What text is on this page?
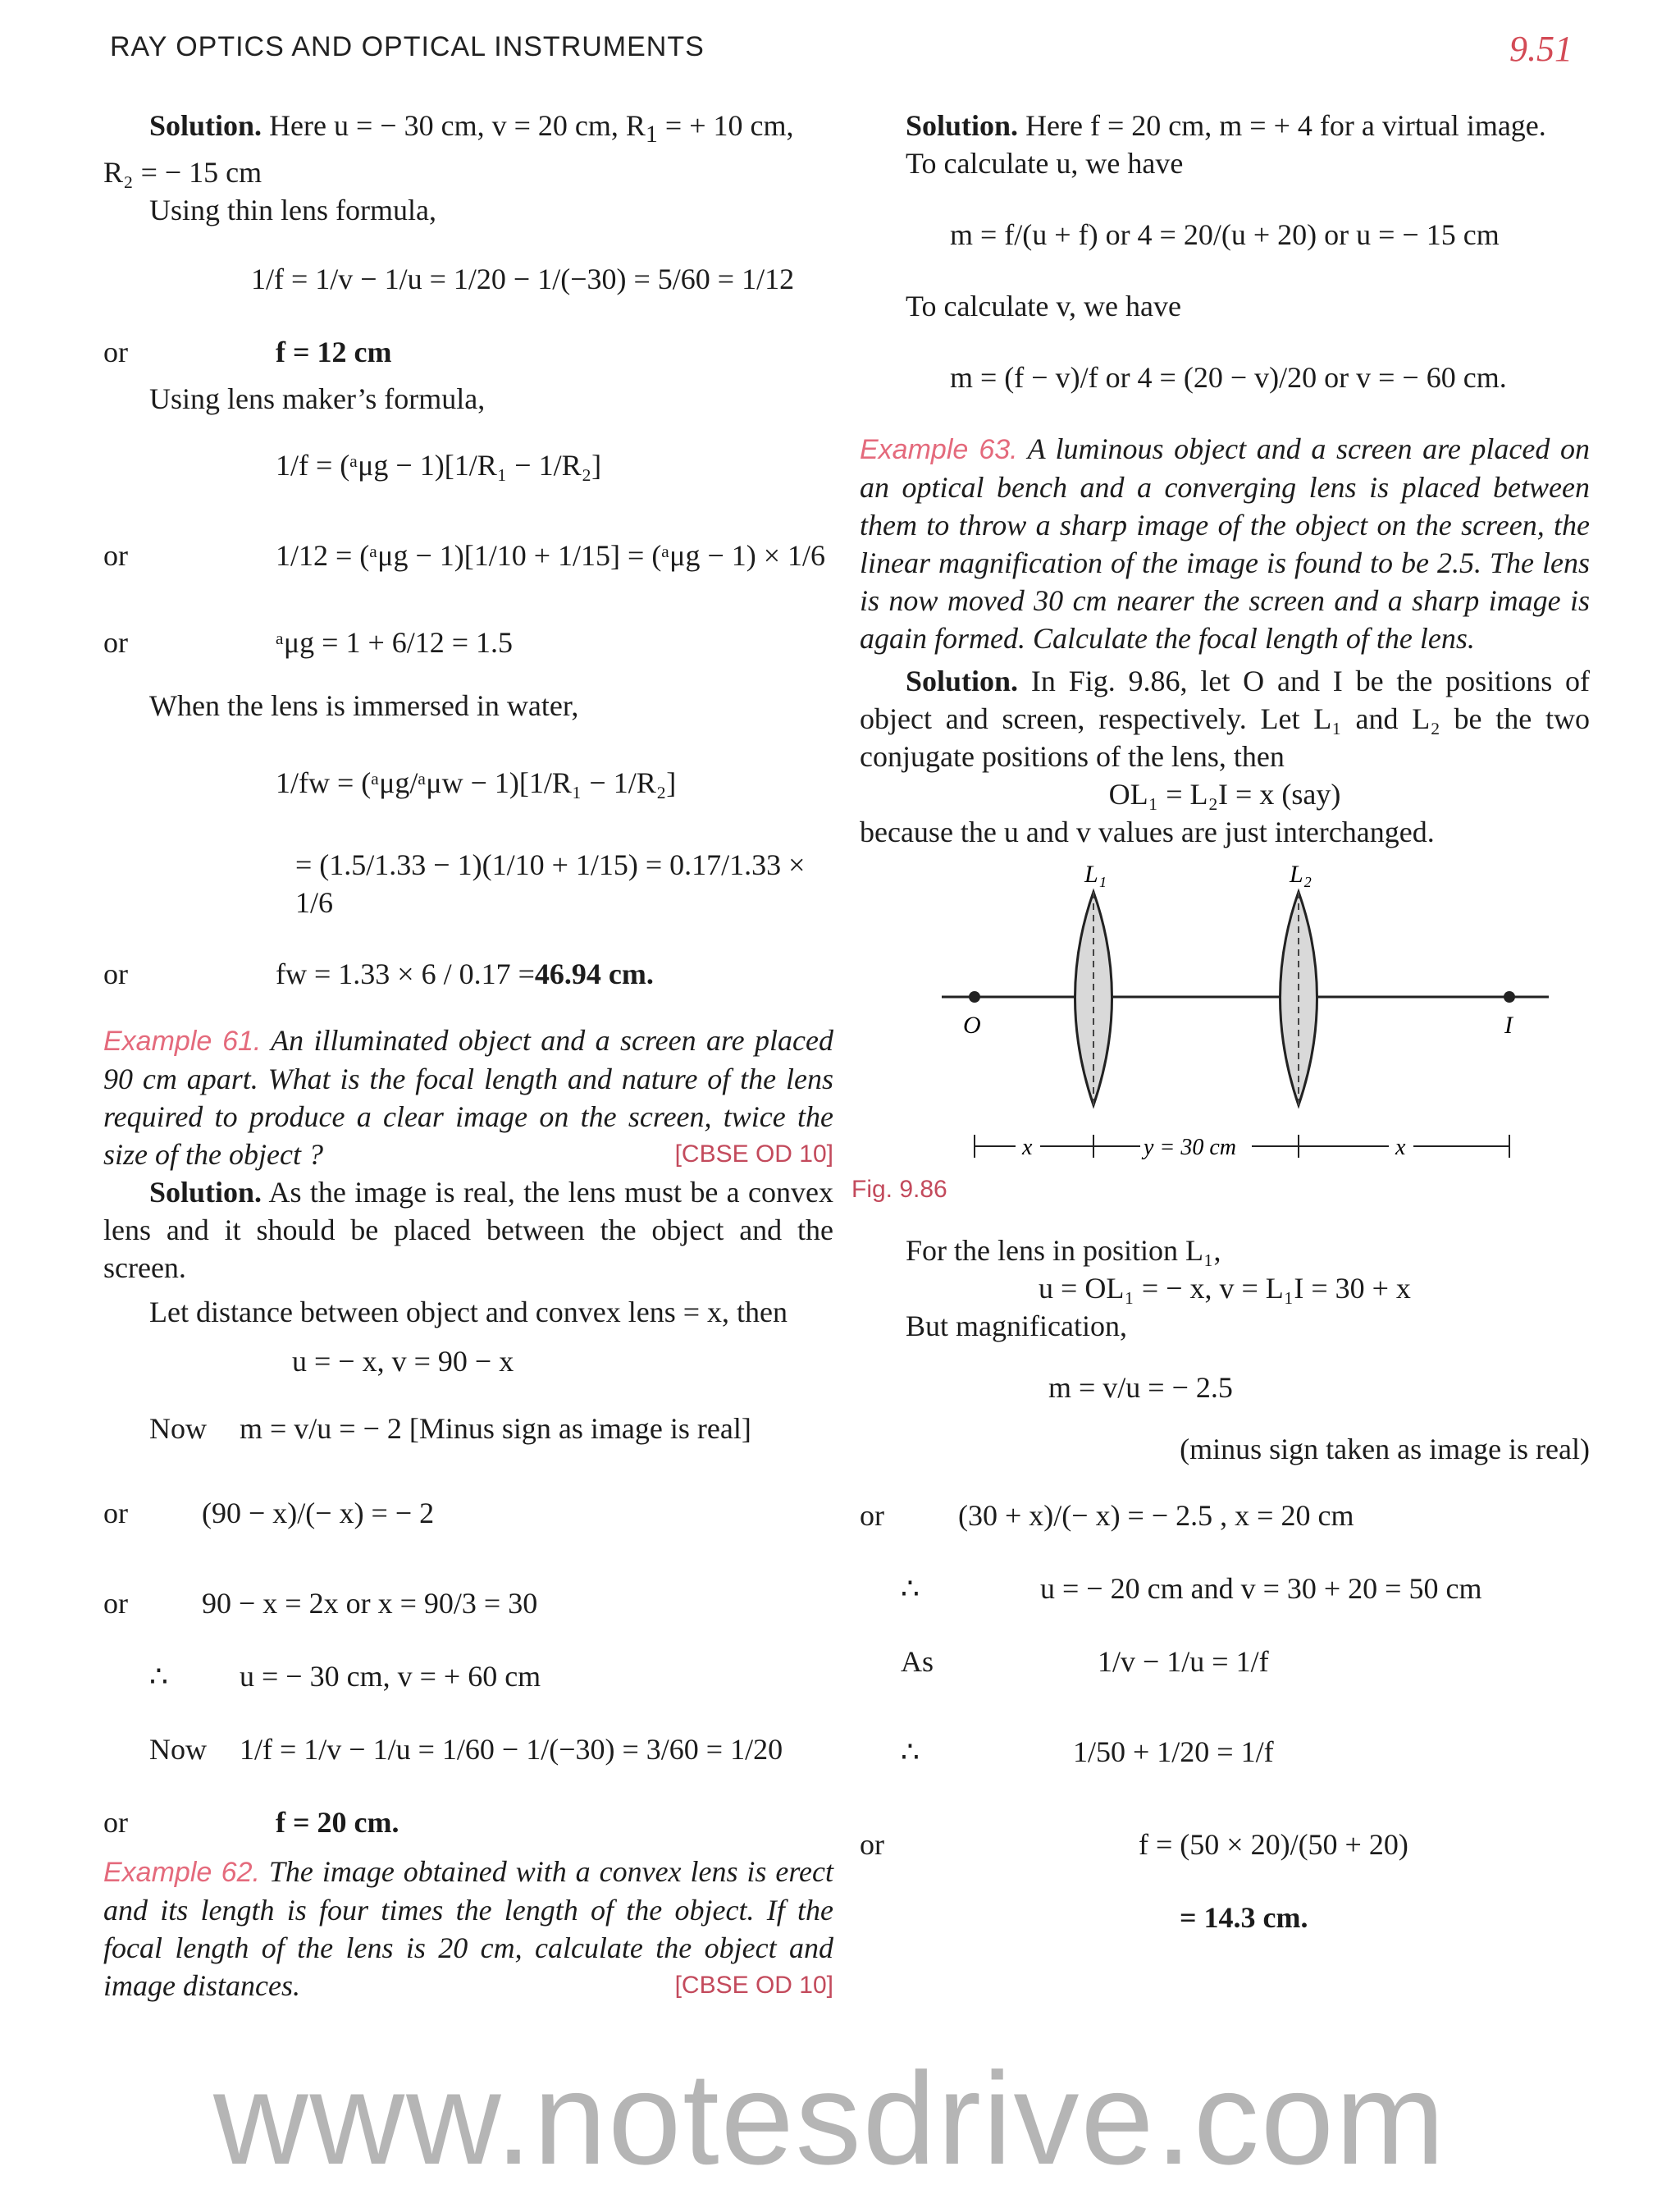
RAY OPTICS AND OPTICAL INSTRUMENTS	9.51

Solution. Here u = − 30 cm, v = 20 cm, $R_1$ = + 10 cm,

R₂ = − 15 cm

Using thin lens formula,

1/f = 1/v − 1/u = 1/20 − 1/(−30) = 5/60 = 1/12
or	f = 12 cm

Using lens maker’s formula,

1/f = (ᵃμg − 1)[1/R₁ − 1/R₂]
or	1/12 = (ᵃμg − 1)[1/10 + 1/15] = (ᵃμg − 1) × 1/6
or	ᵃμg = 1 + 6/12 = 1.5

When the lens is immersed in water,

1/fw = (ᵃμg/ᵃμw − 1)[1/R₁ − 1/R₂]
= (1.5/1.33 − 1)(1/10 + 1/15) = 0.17/1.33 × 1/6
or	fw = 1.33 × 6 / 0.17 = 46.94 cm.

Example 61. An illuminated object and a screen are placed 90 cm apart. What is the focal length and nature of the lens required to produce a clear image on the screen, twice the size of the object ?	[CBSE OD 10]

Solution. As the image is real, the lens must be a convex lens and it should be placed between the object and the screen.

Let distance between object and convex lens = x, then

u = − x, v = 90 − x
Now	m = v/u = − 2 [Minus sign as image is real]
or	(90 − x)/(− x) = − 2
or	90 − x = 2x or x = 90/3 = 30
∴	u = − 30 cm, v = + 60 cm
Now	1/f = 1/v − 1/u = 1/60 − 1/(−30) = 3/60 = 1/20
or	f = 20 cm.

Example 62. The image obtained with a convex lens is erect and its length is four times the length of the object. If the focal length of the lens is 20 cm, calculate the object and image distances.	[CBSE OD 10]

Solution. Here f = 20 cm, m = + 4 for a virtual image.

To calculate u, we have

m = f/(u + f) or 4 = 20/(u + 20) or u = − 15 cm

To calculate v, we have

m = (f − v)/f or 4 = (20 − v)/20 or v = − 60 cm.

Example 63. A luminous object and a screen are placed on an optical bench and a converging lens is placed between them to throw a sharp image of the object on the screen, the linear magnification of the image is found to be 2.5. The lens is now moved 30 cm nearer the screen and a sharp image is again formed. Calculate the focal length of the lens.

Solution. In Fig. 9.86, let O and I be the positions of object and screen, respectively. Let L₁ and L₂ be the two conjugate positions of the lens, then

OL₁ = L₂I = x (say)

because the u and v values are just interchanged.

L₁	L₂
O	I
x	y = 30 cm	x
Fig. 9.86

For the lens in position L₁,

u = OL₁ = − x, v = L₁I = 30 + x

But magnification,

m = v/u = − 2.5

(minus sign taken as image is real)

or	(30 + x)/(− x) = − 2.5 , x = 20 cm
∴	u = − 20 cm and v = 30 + 20 = 50 cm
As	1/v − 1/u = 1/f
∴	1/50 + 1/20 = 1/f
or	f = (50 × 20)/(50 + 20)
= 14.3 cm.
www.notesdrive.com
